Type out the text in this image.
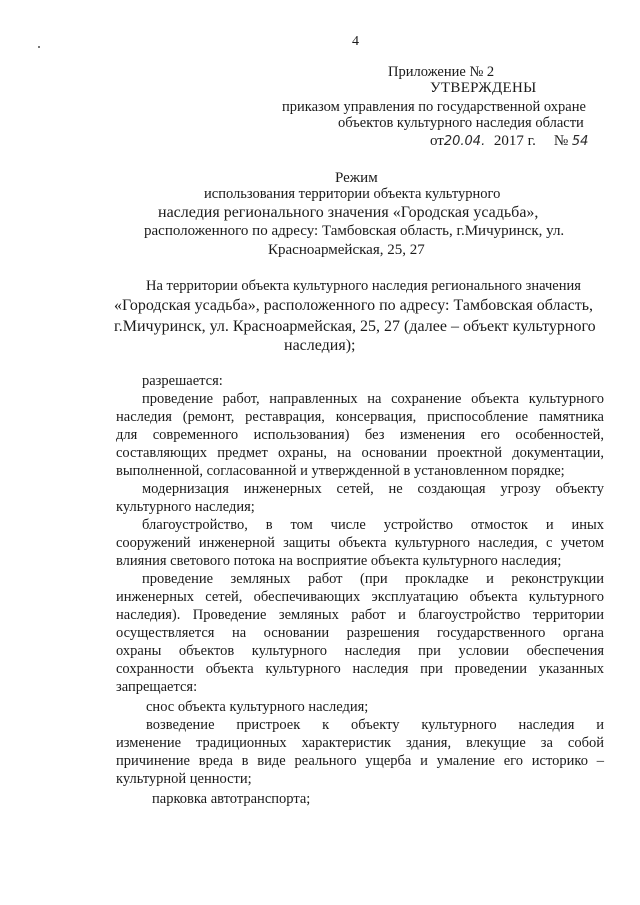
4
Приложение № 2
УТВЕРЖДЕНЫ
приказом управления по государственной охране
объектов культурного наследия области
от20.04. 2017 г. № 54
Режим
использования территории объекта культурного
наследия регионального значения «Городская усадьба»,
расположенного по адресу: Тамбовская область, г.Мичуринск, ул.
Красноармейская, 25, 27
На территории объекта культурного наследия регионального значения
«Городская усадьба», расположенного по адресу: Тамбовская область,
г.Мичуринск, ул. Красноармейская, 25, 27 (далее – объект культурного
наследия);
разрешается:
проведение работ, направленных на сохранение объекта культурного
наследия (ремонт, реставрация, консервация, приспособление памятника
для современного использования) без изменения его особенностей,
составляющих предмет охраны, на основании проектной документации,
выполненной, согласованной и утвержденной в установленном порядке;
модернизация инженерных сетей, не создающая угрозу объекту
культурного наследия;
благоустройство, в том числе устройство отмосток и иных
сооружений инженерной защиты объекта культурного наследия, с учетом
влияния светового потока на восприятие объекта культурного наследия;
проведение земляных работ (при прокладке и реконструкции
инженерных сетей, обеспечивающих эксплуатацию объекта культурного
наследия). Проведение земляных работ и благоустройство территории
осуществляется на основании разрешения государственного органа
охраны объектов культурного наследия при условии обеспечения
сохранности объекта культурного наследия при проведении указанных
запрещается:
снос объекта культурного наследия;
возведение пристроек к объекту культурного наследия и
изменение традиционных характеристик здания, влекущие за собой
причинение вреда в виде реального ущерба и умаление его историко –
культурной ценности;
парковка автотранспорта;
